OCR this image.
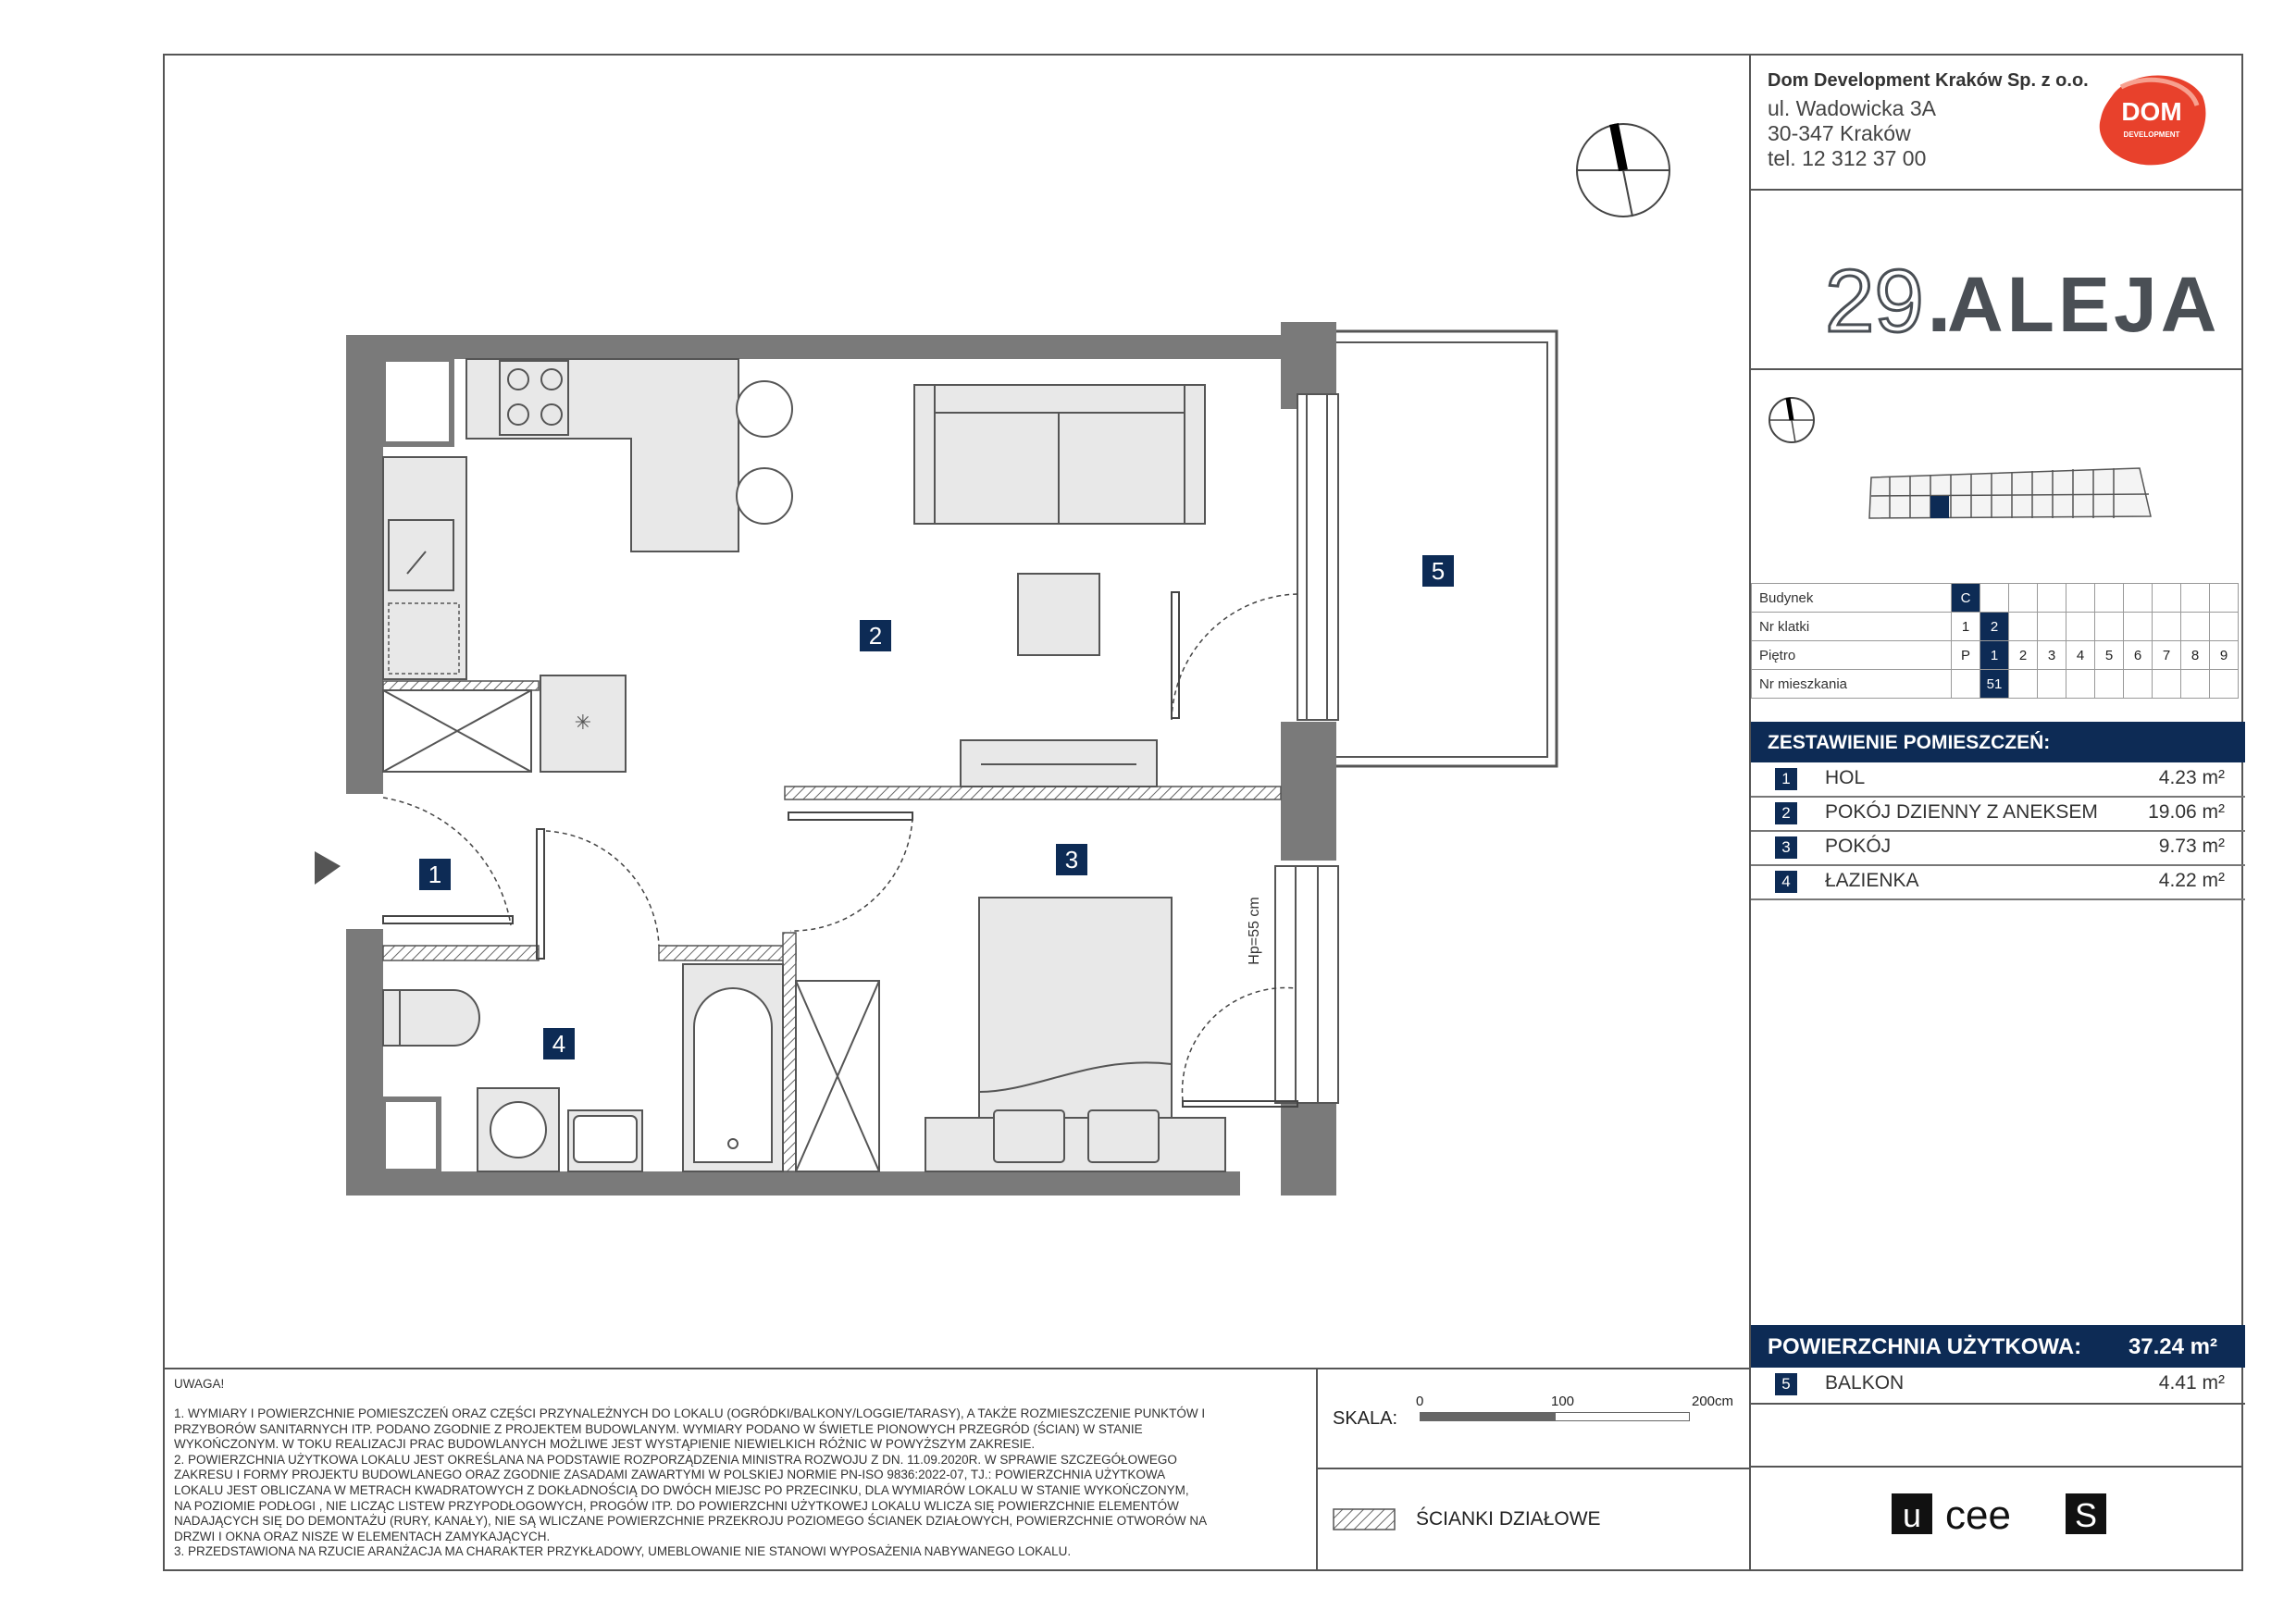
✳
Hp=55 cm
1
2
3
4
5
Dom Development Kraków Sp. z o.o.
ul. Wadowicka 3A
30-347 Kraków
tel. 12 312 37 00
DOM
DEVELOPMENT
29 .
ALEJA
Budynek	C									
Nr klatki	1	2								
Piętro	P	1	2	3	4	5	6	7	8	9
Nr mieszkania		51								
ZESTAWIENIE POMIESZCZEŃ:
1	HOL	4.23 m²
2	POKÓJ DZIENNY Z ANEKSEM	19.06 m²
3	POKÓJ	9.73 m²
4	ŁAZIENKA	4.22 m²
POWIERZCHNIA UŻYTKOWA: 37.24 m²
5	BALKON	4.41 m²
u cee S
UWAGA!
1. WYMIARY I POWIERZCHNIE POMIESZCZEŃ ORAZ CZĘŚCI PRZYNALEŻNYCH DO LOKALU (OGRÓDKI/BALKONY/LOGGIE/TARASY), A TAKŻE ROZMIESZCZENIE PUNKTÓW I
PRZYBORÓW SANITARNYCH ITP. PODANO ZGODNIE Z PROJEKTEM BUDOWLANYM. WYMIARY PODANO W ŚWIETLE PIONOWYCH PRZEGRÓD (ŚCIAN) W STANIE
WYKOŃCZONYM. W TOKU REALIZACJI PRAC BUDOWLANYCH MOŻLIWE JEST WYSTĄPIENIE NIEWIELKICH RÓŻNIC W POWYŻSZYM ZAKRESIE.
2. POWIERZCHNIA UŻYTKOWA LOKALU JEST OKREŚLANA NA PODSTAWIE ROZPORZĄDZENIA MINISTRA ROZWOJU Z DN. 11.09.2020R. W SPRAWIE SZCZEGÓŁOWEGO
ZAKRESU I FORMY PROJEKTU BUDOWLANEGO ORAZ ZGODNIE ZASADAMI ZAWARTYMI W POLSKIEJ NORMIE PN-ISO 9836:2022-07, TJ.: POWIERZCHNIA UŻYTKOWA
LOKALU JEST OBLICZANA W METRACH KWADRATOWYCH Z DOKŁADNOŚCIĄ DO DWÓCH MIEJSC PO PRZECINKU, DLA WYMIARÓW LOKALU W STANIE WYKOŃCZONYM,
NA POZIOMIE PODŁOGI , NIE LICZĄC LISTEW PRZYPODŁOGOWYCH, PROGÓW ITP. DO POWIERZCHNI UŻYTKOWEJ LOKALU WLICZA SIĘ POWIERZCHNIE ELEMENTÓW
NADAJĄCYCH SIĘ DO DEMONTAŻU (RURY, KANAŁY), NIE SĄ WLICZANE POWIERZCHNIE PRZEKROJU POZIOMEGO ŚCIANEK DZIAŁOWYCH, POWIERZCHNIE OTWORÓW NA
DRZWI I OKNA ORAZ NISZE W ELEMENTACH ZAMYKAJĄCYCH.
3. PRZEDSTAWIONA NA RZUCIE ARANŻACJA MA CHARAKTER PRZYKŁADOWY, UMEBLOWANIE NIE STANOWI WYPOSAŻENIA NABYWANEGO LOKALU.
SKALA:
0	100	200cm
ŚCIANKI DZIAŁOWE
